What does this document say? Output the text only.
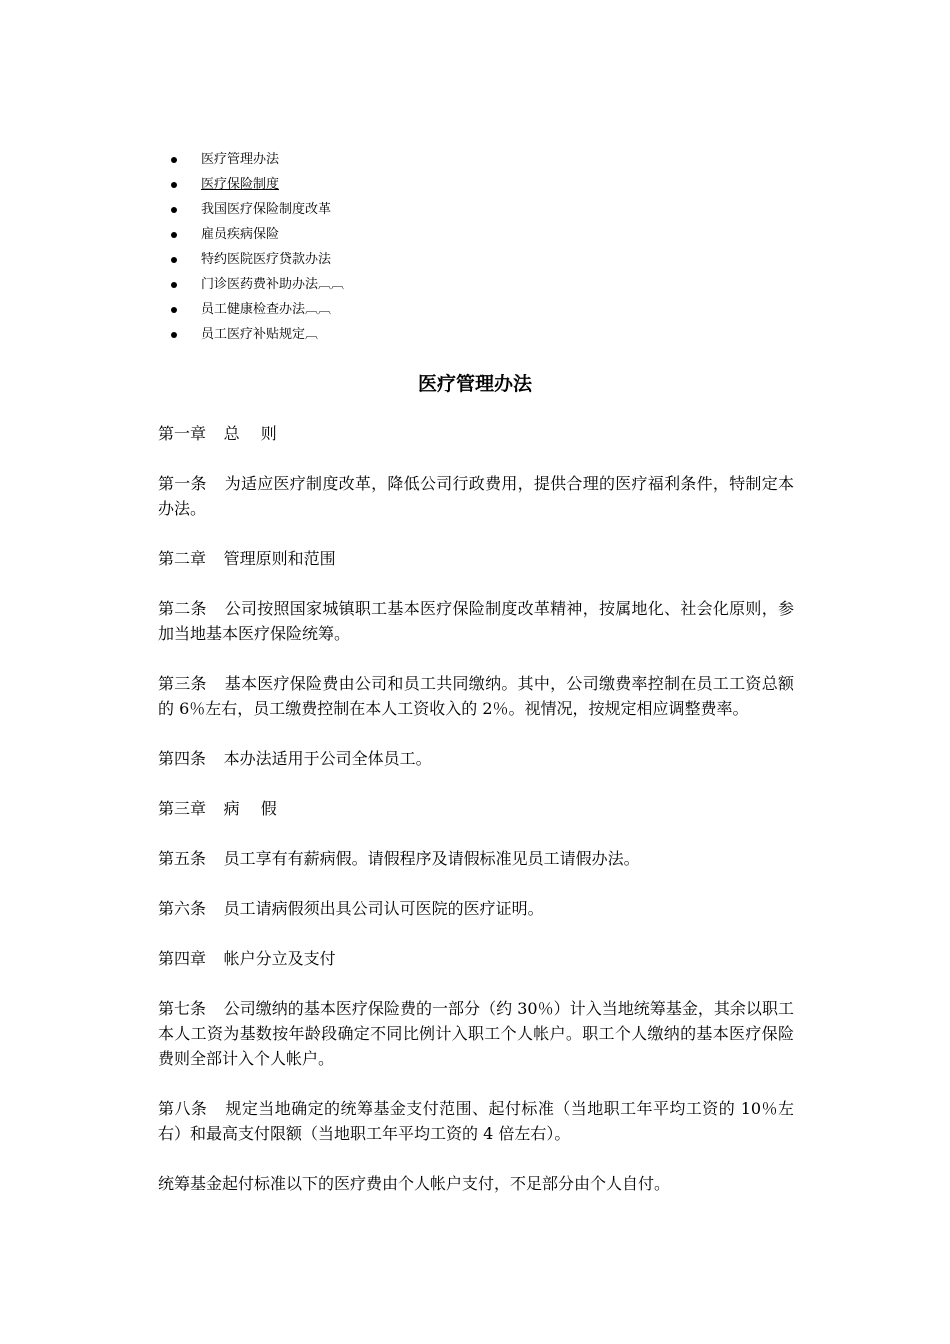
医疗管理办法
医疗保险制度
我国医疗保险制度改革
雇员疾病保险
特约医院医疗贷款办法
门诊医药费补助办法︹︹
员工健康检查办法︹︹
员工医疗补贴规定︹
医疗管理办法

第一章 总　 则

第一条 为适应医疗制度改革，降低公司行政费用，提供合理的医疗福利条件，特制定本办法。

第二章 管理原则和范围

第二条 公司按照国家城镇职工基本医疗保险制度改革精神，按属地化、社会化原则，参加当地基本医疗保险统筹。

第三条 基本医疗保险费由公司和员工共同缴纳。其中，公司缴费率控制在员工工资总额的 6％左右，员工缴费控制在本人工资收入的 2％。视情况，按规定相应调整费率。

第四条 本办法适用于公司全体员工。

第三章 病　 假

第五条 员工享有有薪病假。请假程序及请假标准见员工请假办法。

第六条 员工请病假须出具公司认可医院的医疗证明。

第四章 帐户分立及支付

第七条 公司缴纳的基本医疗保险费的一部分（约 30％）计入当地统筹基金，其余以职工本人工资为基数按年龄段确定不同比例计入职工个人帐户。职工个人缴纳的基本医疗保险费则全部计入个人帐户。

第八条 规定当地确定的统筹基金支付范围、起付标准（当地职工年平均工资的 10％左右）和最高支付限额（当地职工年平均工资的 4 倍左右）。

统筹基金起付标准以下的医疗费由个人帐户支付，不足部分由个人自付。
